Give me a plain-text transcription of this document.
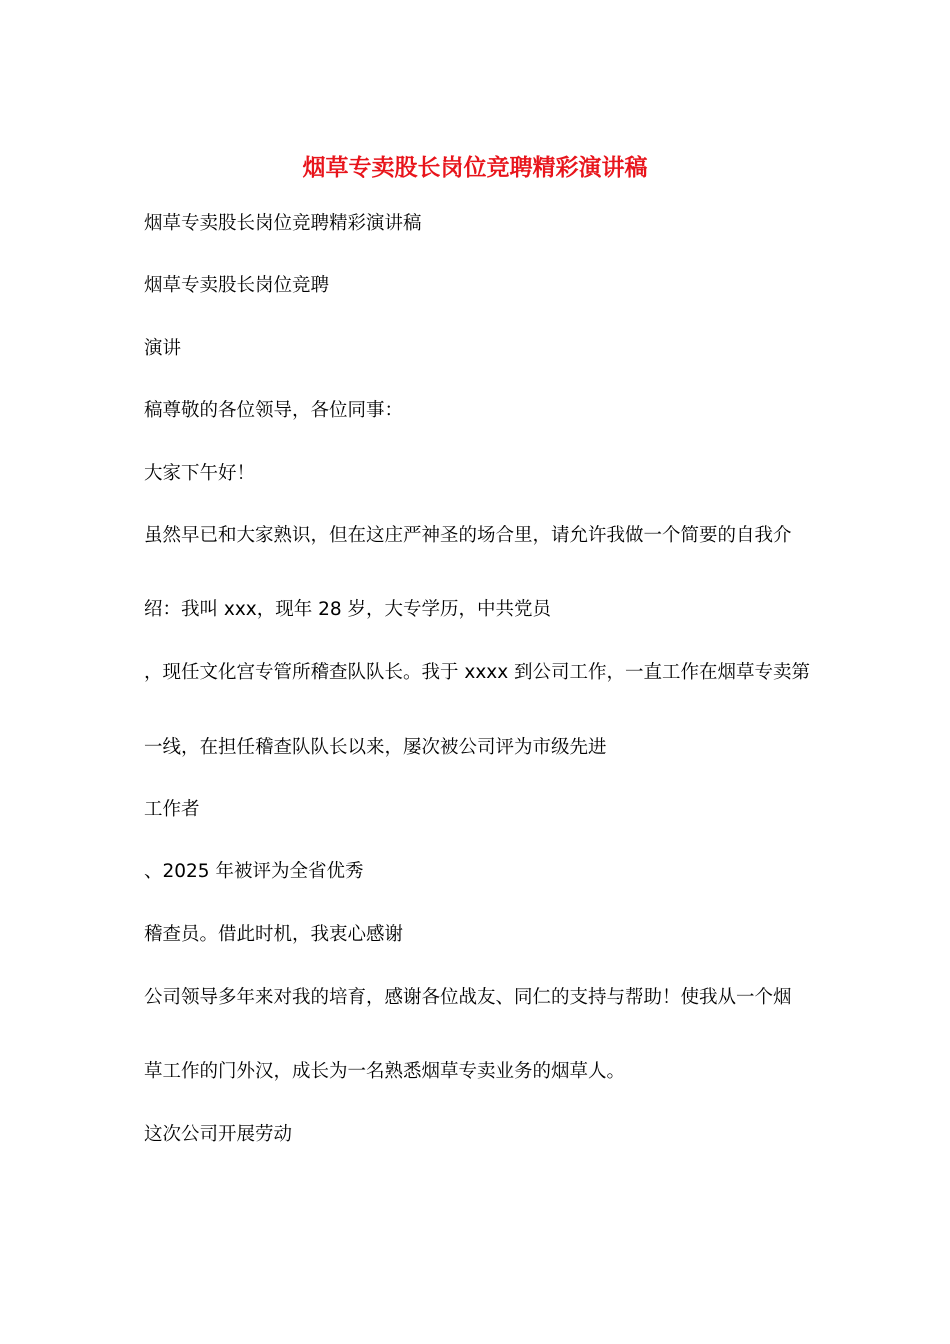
烟草专卖股长岗位竞聘精彩演讲稿

烟草专卖股长岗位竞聘精彩演讲稿

烟草专卖股长岗位竞聘

演讲

稿尊敬的各位领导，各位同事：

大家下午好！

虽然早已和大家熟识，但在这庄严神圣的场合里，请允许我做一个简要的自我介

绍：我叫 xxx，现年 28 岁，大专学历，中共党员

，现任文化宫专管所稽查队队长。我于 xxxx 到公司工作，一直工作在烟草专卖第

一线，在担任稽查队队长以来，屡次被公司评为市级先进

工作者

、2025 年被评为全省优秀

稽查员。借此时机，我衷心感谢

公司领导多年来对我的培育，感谢各位战友、同仁的支持与帮助！使我从一个烟

草工作的门外汉，成长为一名熟悉烟草专卖业务的烟草人。

这次公司开展劳动
